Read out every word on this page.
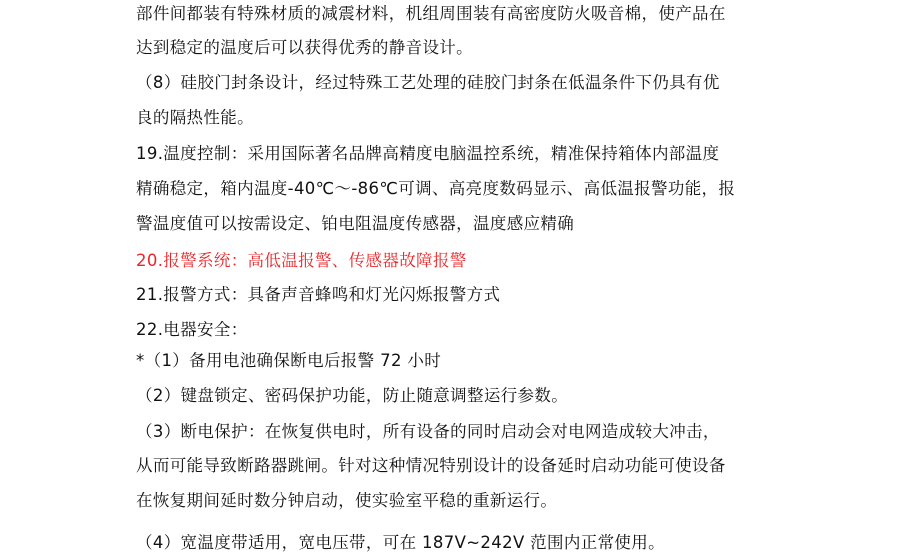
部件间都装有特殊材质的减震材料，机组周围装有高密度防火吸音棉，使产品在
达到稳定的温度后可以获得优秀的静音设计。
（8）硅胶门封条设计，经过特殊工艺处理的硅胶门封条在低温条件下仍具有优
良的隔热性能。
19.温度控制：采用国际著名品牌高精度电脑温控系统，精准保持箱体内部温度
精确稳定，箱内温度-40℃～-86℃可调、高亮度数码显示、高低温报警功能，报
警温度值可以按需设定、铂电阻温度传感器，温度感应精确
20.报警系统：高低温报警、传感器故障报警
21.报警方式：具备声音蜂鸣和灯光闪烁报警方式
22.电器安全：
*（1）备用电池确保断电后报警 72 小时
（2）键盘锁定、密码保护功能，防止随意调整运行参数。
（3）断电保护：在恢复供电时，所有设备的同时启动会对电网造成较大冲击，
从而可能导致断路器跳闸。针对这种情况特别设计的设备延时启动功能可使设备
在恢复期间延时数分钟启动，使实验室平稳的重新运行。
（4）宽温度带适用，宽电压带，可在 187V~242V 范围内正常使用。
